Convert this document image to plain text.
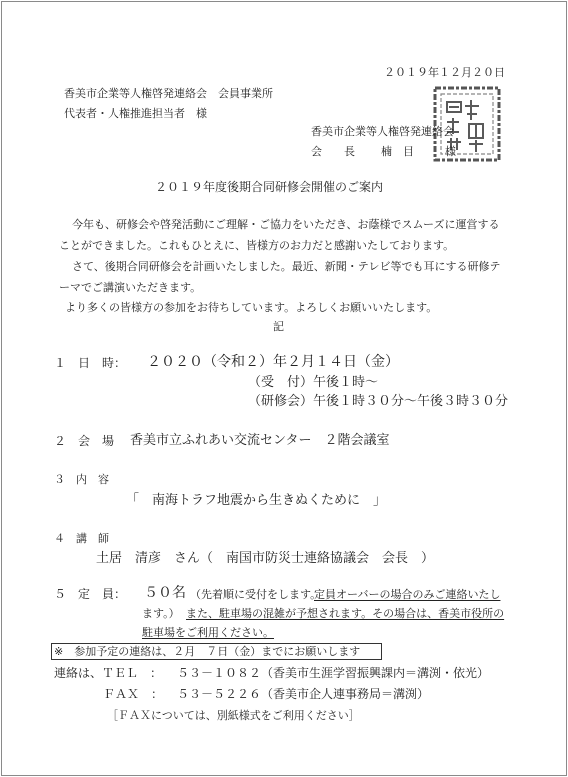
２０１９年１２月２０日
香美市企業等人権啓発連絡会　会員事業所
代表者・人権推進担当者　様
香美市企業等人権啓発連絡会
会　　長 楠　目	様
２０１９年度後期合同研修会開催のご案内
今年も、研修会や啓発活動にご理解・ご協力をいただき、お蔭様でスムーズに運営する
ことができました。これもひとえに、皆様方のお力だと感謝いたしております。
さて、後期合同研修会を計画いたしました。最近、新聞・テレビ等でも耳にする研修テ
ーマでご講演いただきます。
より多くの皆様方の参加をお待ちしています。よろしくお願いいたします。
記
１　日　時： ２０２０（令和２）年２月１４日（金）
（受　付）午後１時～
（研修会）午後１時３０分～午後３時３０分
２　会　場 香美市立ふれあい交流センター　２階会議室
３　内　容
「　南海トラフ地震から生きぬくために　」
４　講　師
土居　清彦　さん（　南国市防災士連絡協議会　会長　）
５　定　員： ５０名 （先着順に受付をします。
定員オーバーの場合のみご連絡いたし
ます。） また、駐車場の混雑が予想されます。その場合は、香美市役所の
駐車場をご利用ください。
※　参加予定の連絡は、２月　７日（金）までにお願いします
連絡は、ＴＥＬ　： ５３－１０８２（香美市生涯学習振興課内＝溝渕・依光）
ＦＡＸ　： ５３－５２２６（香美市企人連事務局＝溝渕）
［ＦＡＸについては、別紙様式をご利用ください］
